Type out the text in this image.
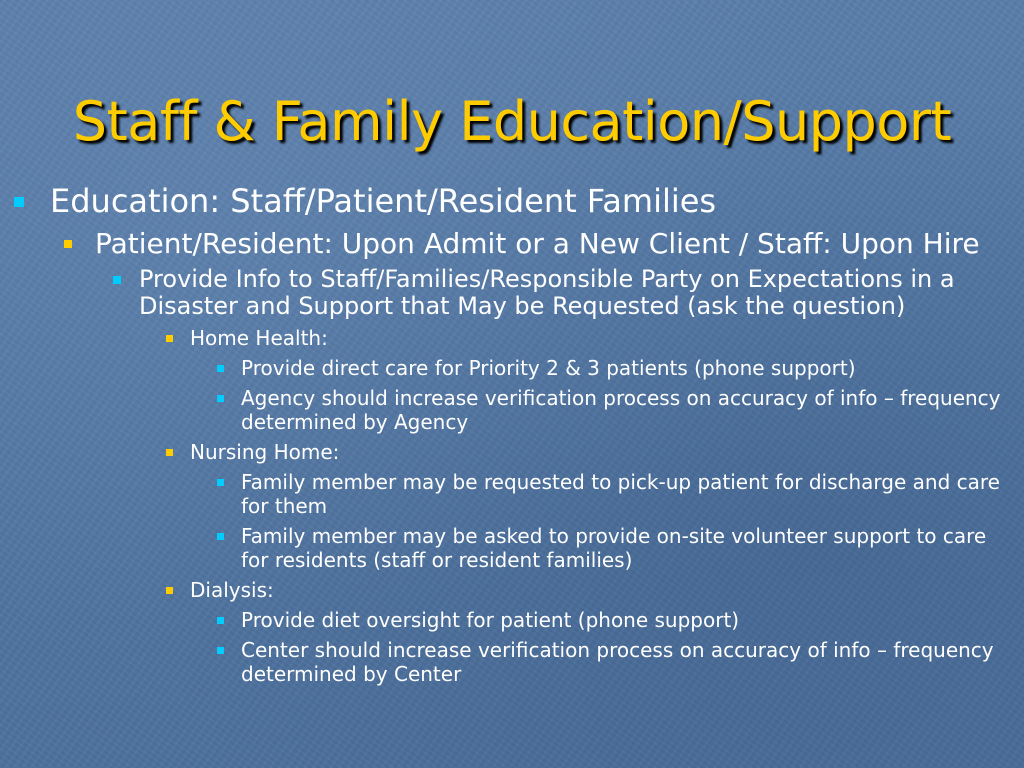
Staff & Family Education/Support
Education: Staff/Patient/Resident Families
Patient/Resident: Upon Admit or a New Client / Staff: Upon Hire
Provide Info to Staff/Families/Responsible Party on Expectations in a Disaster and Support that May be Requested (ask the question)
Home Health:
Provide direct care for Priority 2 & 3 patients (phone support)
Agency should increase verification process on accuracy of info – frequency determined by Agency
Nursing Home:
Family member may be requested to pick-up patient for discharge and care for them
Family member may be asked to provide on-site volunteer support to care for residents (staff or resident families)
Dialysis:
Provide diet oversight for patient (phone support)
Center should increase verification process on accuracy of info – frequency determined by Center
